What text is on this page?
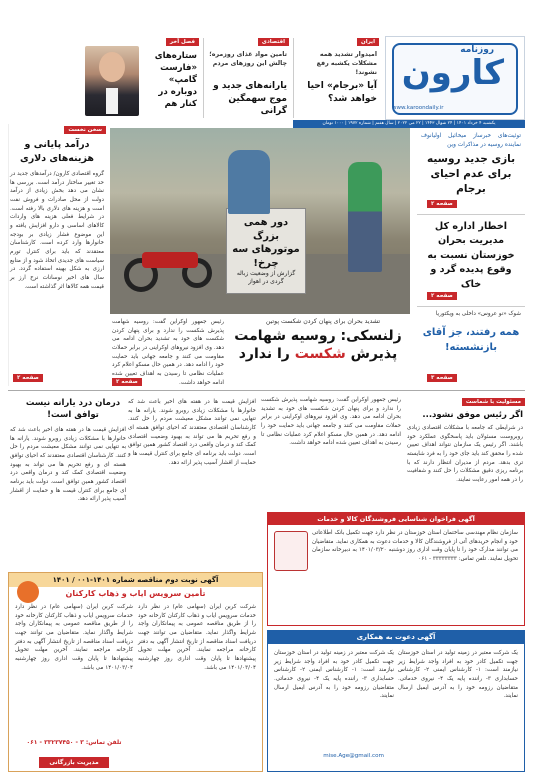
روزنامه
کارون
www.karoondaily.ir
یکشنبه ۴ خرداد ۱۴۰۱ | ۲۴ شوال ۱۴۴۳ | ۲۲ می ۲۰۲۲ | سال هفتم | شماره ۱۹۷۲ | ۱۰۰۰ تومان
ایران
امیدوار تشدید همه مشکلات یکشبه رفع نشوند!
آیا «برجام» احیا خواهد شد؟
اقتصادی
تامین مواد غذای روزمره؛ چالش این روزهای مردم
یارانه‌های جدید و موج سهمگین گرانی
فصل آخر
ستاره‌های «فارست گامپ» دوباره در کنار هم
توئیت‌های خبرساز میخائیل اولیانوف نماینده روسیه در مذاکرات وین
بازی جدید روسیه برای عدم احیای برجام
صفحه ۲
اخطار اداره کل مدیریت بحران خوزستان نسبت به وقوع پدیده گرد و خاک
صفحه ۲
شوک «نو عروس» داخلی به ویکتوریا
همه رفتند، جز آقای بازنشسته!
صفحه ۳
سخن نخست
درآمد پایانی و هزینه‌های دلاری
گروه اقتصادی کارون/ درآمدهای جدید در حد تغییر ساختار درآمد است. بررسی ها نشان می دهد بخش زیادی از درآمد دولت از محل صادرات و فروش نفت است و هزینه های دلاری بالا رفته است. در شرایط فعلی هزینه های واردات کالاهای اساسی و دارو افزایش یافته و این موضوع فشار زیادی بر بودجه خانوارها وارد کرده است. کارشناسان معتقدند که باید برای کنترل تورم سیاست های جدیدی اتخاذ شود و از منابع ارزی به شکل بهینه استفاده گردد. در سال های اخیر نوسانات نرخ ارز بر قیمت همه کالاها اثر گذاشته است.
صفحه ۲
دور همی بزرگ موتورهای سه چرخ!
گزارش از وضعیت زباله گردی در اهواز
تشدید بحران برای پنهان کردن شکست پوتین
زلنسکی: روسیه شهامت
پذیرش شکست را ندارد
رئیس جمهور اوکراین گفت: روسیه شهامت پذیرش شکست را ندارد و برای پنهان کردن شکست های خود به تشدید بحران ادامه می دهد. وی افزود نیروهای اوکراینی در برابر حملات مقاومت می کنند و جامعه جهانی باید حمایت خود را ادامه دهد. در همین حال مسکو اعلام کرد عملیات نظامی تا رسیدن به اهداف تعیین شده ادامه خواهد داشت.
صفحه ۲
مسئولیت با شماست
اگر رئیس موفق نشود...
در شرایطی که جامعه با مشکلات اقتصادی زیادی روبروست مسئولان باید پاسخگوی عملکرد خود باشند. اگر رئیس یک سازمان نتواند اهداف تعیین شده را محقق کند باید جای خود را به فرد شایسته تری بدهد. مردم از مدیران انتظار دارند که با برنامه ریزی دقیق مشکلات را حل کنند و شفافیت را در همه امور رعایت نمایند.
رئیس جمهور اوکراین گفت: روسیه شهامت پذیرش شکست را ندارد و برای پنهان کردن شکست های خود به تشدید بحران ادامه می دهد. وی افزود نیروهای اوکراینی در برابر حملات مقاومت می کنند و جامعه جهانی باید حمایت خود را ادامه دهد. در همین حال مسکو اعلام کرد عملیات نظامی تا رسیدن به اهداف تعیین شده ادامه خواهد داشت.
درمان درد یارانه نیست توافق است!
افزایش قیمت ها در هفته های اخیر باعث شد که خانوارها با مشکلات زیادی روبرو شوند. یارانه ها به تنهایی نمی توانند مشکل معیشت مردم را حل کنند. کارشناسان اقتصادی معتقدند که احیای توافق هسته ای و رفع تحریم ها می تواند به بهبود وضعیت اقتصادی کمک کند و درمان واقعی درد اقتصاد کشور همین توافق است. دولت باید برنامه ای جامع برای کنترل قیمت ها و حمایت از اقشار آسیب پذیر ارائه دهد.
افزایش قیمت ها در هفته های اخیر باعث شد که خانوارها با مشکلات زیادی روبرو شوند. یارانه ها به تنهایی نمی توانند مشکل معیشت مردم را حل کنند. کارشناسان اقتصادی معتقدند که احیای توافق هسته ای و رفع تحریم ها می تواند به بهبود وضعیت اقتصادی کمک کند و درمان واقعی درد اقتصاد کشور همین توافق است. دولت باید برنامه ای جامع برای کنترل قیمت ها و حمایت از اقشار آسیب پذیر ارائه دهد.
آگهی فراخوان شناسایی فروشندگان کالا و خدمات
سازمان نظام مهندسی ساختمان استان خوزستان در نظر دارد جهت تکمیل بانک اطلاعاتی خود و انجام خریدهای آتی از فروشندگان کالا و خدمات دعوت به همکاری نماید. متقاضیان می توانند مدارک خود را تا پایان وقت اداری روز دوشنبه ۱۴۰۱/۰۳/۲۰ به دبیرخانه سازمان تحویل نمایند. تلفن تماس: ۳۳۳۳۳۳۳۳ - ۰۶۱
آگهی دعوت به همکاری
یک شرکت معتبر در زمینه تولید در استان خوزستان جهت تکمیل کادر خود به افراد واجد شرایط زیر نیازمند است: ۱- کارشناس ایمنی ۲- کارشناس حسابداری ۳- راننده پایه یک ۴- نیروی خدماتی. متقاضیان رزومه خود را به آدرس ایمیل ارسال نمایند.
یک شرکت معتبر در زمینه تولید در استان خوزستان جهت تکمیل کادر خود به افراد واجد شرایط زیر نیازمند است: ۱- کارشناس ایمنی ۲- کارشناس حسابداری ۳- راننده پایه یک ۴- نیروی خدماتی. متقاضیان رزومه خود را به آدرس ایمیل ارسال نمایند.
mise.Age@gmail.com
آگهی نوبت دوم مناقصه شماره ۱۴۰۱-۰۰۱ / ۱۴۰۱
تأمین سرویس ایاب و ذهاب کارکنان
شرکت کربن ایران (سهامی عام) در نظر دارد خدمات سرویس ایاب و ذهاب کارکنان کارخانه خود را از طریق مناقصه عمومی به پیمانکاران واجد شرایط واگذار نماید. متقاضیان می توانند جهت دریافت اسناد مناقصه از تاریخ انتشار آگهی به دفتر کارخانه مراجعه نمایند. آخرین مهلت تحویل پیشنهادها تا پایان وقت اداری روز چهارشنبه ۱۴۰۱/۰۳/۰۴ می باشد.
شرکت کربن ایران (سهامی عام) در نظر دارد خدمات سرویس ایاب و ذهاب کارکنان کارخانه خود را از طریق مناقصه عمومی به پیمانکاران واجد شرایط واگذار نماید. متقاضیان می توانند جهت دریافت اسناد مناقصه از تاریخ انتشار آگهی به دفتر کارخانه مراجعه نمایند. آخرین مهلت تحویل پیشنهادها تا پایان وقت اداری روز چهارشنبه ۱۴۰۱/۰۳/۰۴ می باشد.
تلفن تماس: ۳ - ۳۳۲۳۷۴۵۰ - ۰۶۱
مدیریت بازرگانی
